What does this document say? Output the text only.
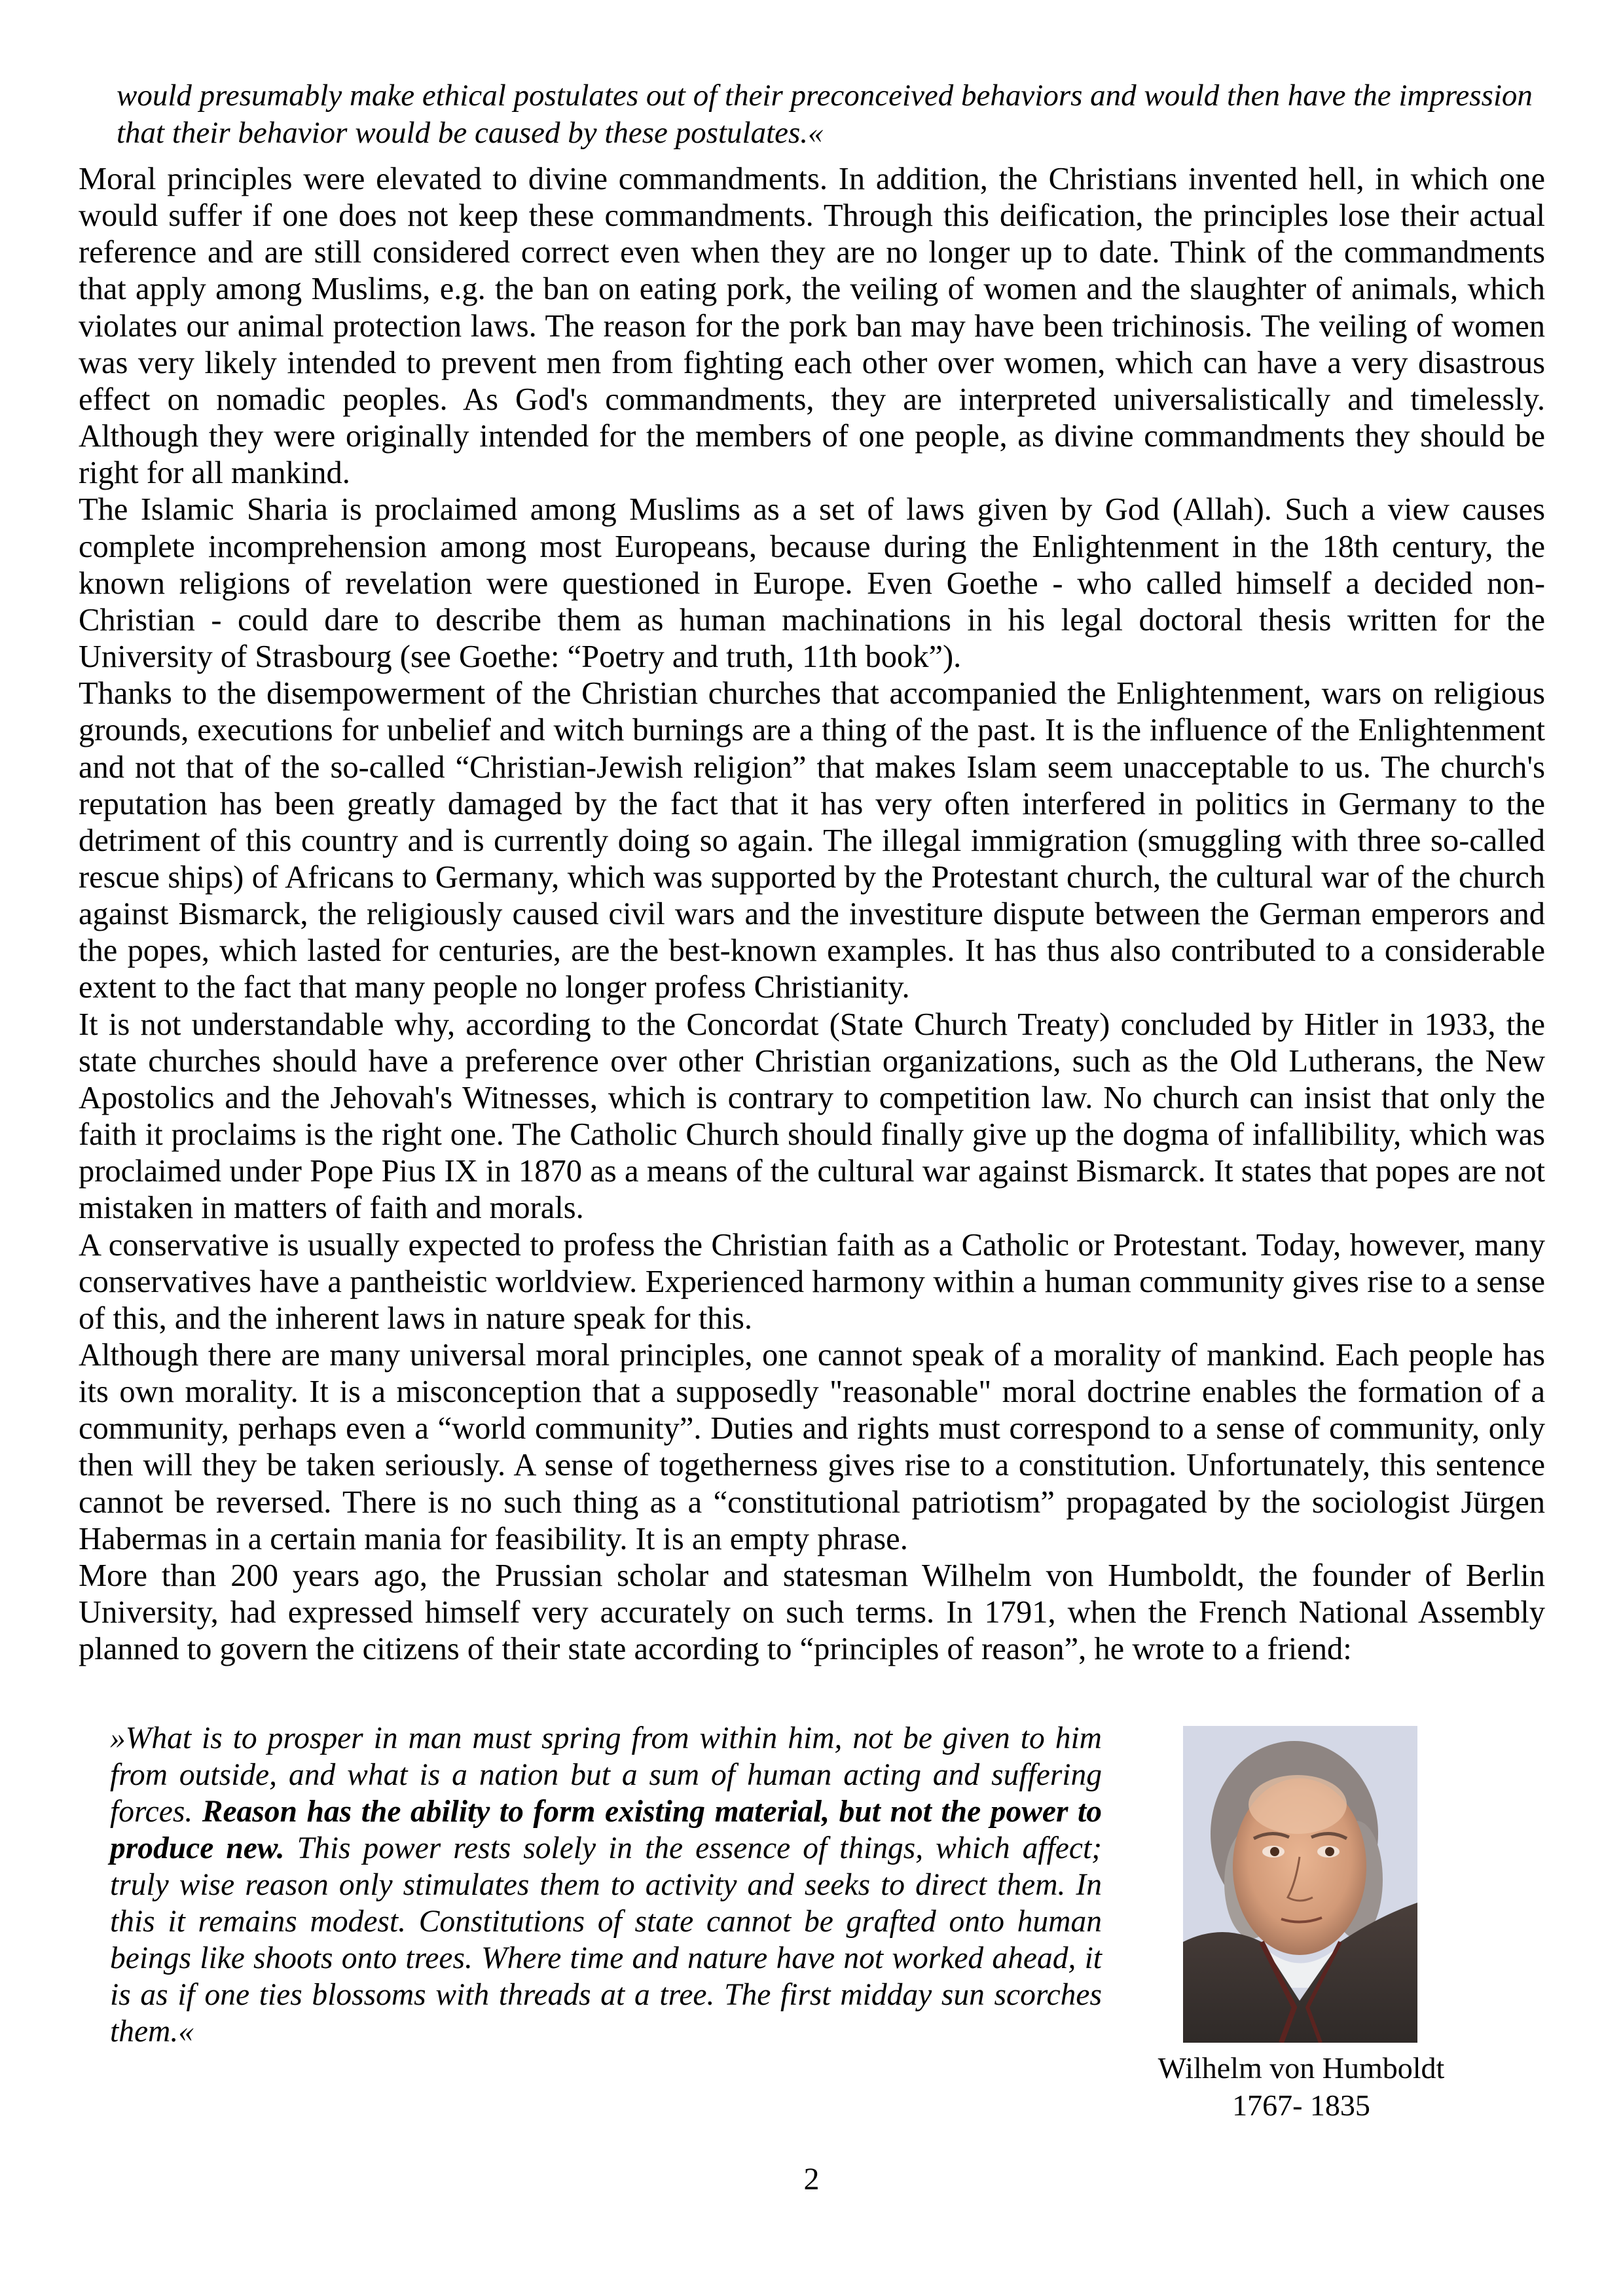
would presumably make ethical postulates out of their preconceived behaviors and would then have the impression that their behavior would be caused by these postulates.«

Moral principles were elevated to divine commandments. In addition, the Christians invented hell, in which one would suffer if one does not keep these commandments. Through this deification, the principles lose their actual reference and are still considered correct even when they are no longer up to date. Think of the commandments that apply among Muslims, e.g. the ban on eating pork, the veiling of women and the slaughter of animals, which violates our animal protection laws. The reason for the pork ban may have been trichinosis. The veiling of women was very likely intended to prevent men from fighting each other over women, which can have a very disastrous effect on nomadic peoples. As God's commandments, they are interpreted universalistically and timelessly. Although they were originally intended for the members of one people, as divine commandments they should be right for all mankind.

The Islamic Sharia is proclaimed among Muslims as a set of laws given by God (Allah). Such a view causes complete incomprehension among most Europeans, because during the Enlightenment in the 18th century, the known religions of revelation were questioned in Europe. Even Goethe - who called himself a decided non-Christian - could dare to describe them as human machinations in his legal doctoral thesis written for the University of Strasbourg (see Goethe: “Poetry and truth, 11th book”).

Thanks to the disempowerment of the Christian churches that accompanied the Enlightenment, wars on religious grounds, executions for unbelief and witch burnings are a thing of the past. It is the influence of the Enlightenment and not that of the so-called “Christian-Jewish religion” that makes Islam seem unacceptable to us. The church's reputation has been greatly damaged by the fact that it has very often interfered in politics in Germany to the detriment of this country and is currently doing so again. The illegal immigration (smuggling with three so-called rescue ships) of Africans to Germany, which was supported by the Protestant church, the cultural war of the church against Bismarck, the religiously caused civil wars and the investiture dispute between the German emperors and the popes, which lasted for centuries, are the best-known examples. It has thus also contributed to a considerable extent to the fact that many people no longer profess Christianity.

It is not understandable why, according to the Concordat (State Church Treaty) concluded by Hitler in 1933, the state churches should have a preference over other Christian organizations, such as the Old Lutherans, the New Apostolics and the Jehovah's Witnesses, which is contrary to competition law. No church can insist that only the faith it proclaims is the right one. The Catholic Church should finally give up the dogma of infallibility, which was proclaimed under Pope Pius IX in 1870 as a means of the cultural war against Bismarck. It states that popes are not mistaken in matters of faith and morals.

A conservative is usually expected to profess the Christian faith as a Catholic or Protestant. Today, however, many conservatives have a pantheistic worldview. Experienced harmony within a human community gives rise to a sense of this, and the inherent laws in nature speak for this.

Although there are many universal moral principles, one cannot speak of a morality of mankind. Each people has its own morality. It is a misconception that a supposedly "reasonable" moral doctrine enables the formation of a community, perhaps even a “world community”. Duties and rights must correspond to a sense of community, only then will they be taken seriously. A sense of togetherness gives rise to a constitution. Unfortunately, this sentence cannot be reversed. There is no such thing as a “constitutional patriotism” propagated by the sociologist Jürgen Habermas in a certain mania for feasibility. It is an empty phrase.

More than 200 years ago, the Prussian scholar and statesman Wilhelm von Humboldt, the founder of Berlin University, had expressed himself very accurately on such terms. In 1791, when the French National Assembly planned to govern the citizens of their state according to “principles of reason”, he wrote to a friend:

»What is to prosper in man must spring from within him, not be given to him from outside, and what is a nation but a sum of human acting and suffering forces. Reason has the ability to form existing material, but not the power to produce new. This power rests solely in the essence of things, which affect; truly wise reason only stimulates them to activity and seeks to direct them. In this it remains modest. Constitutions of state cannot be grafted onto human beings like shoots onto trees. Where time and nature have not worked ahead, it is as if one ties blossoms with threads at a tree. The first midday sun scorches them.«
Wilhelm von Humboldt
1767- 1835
2
